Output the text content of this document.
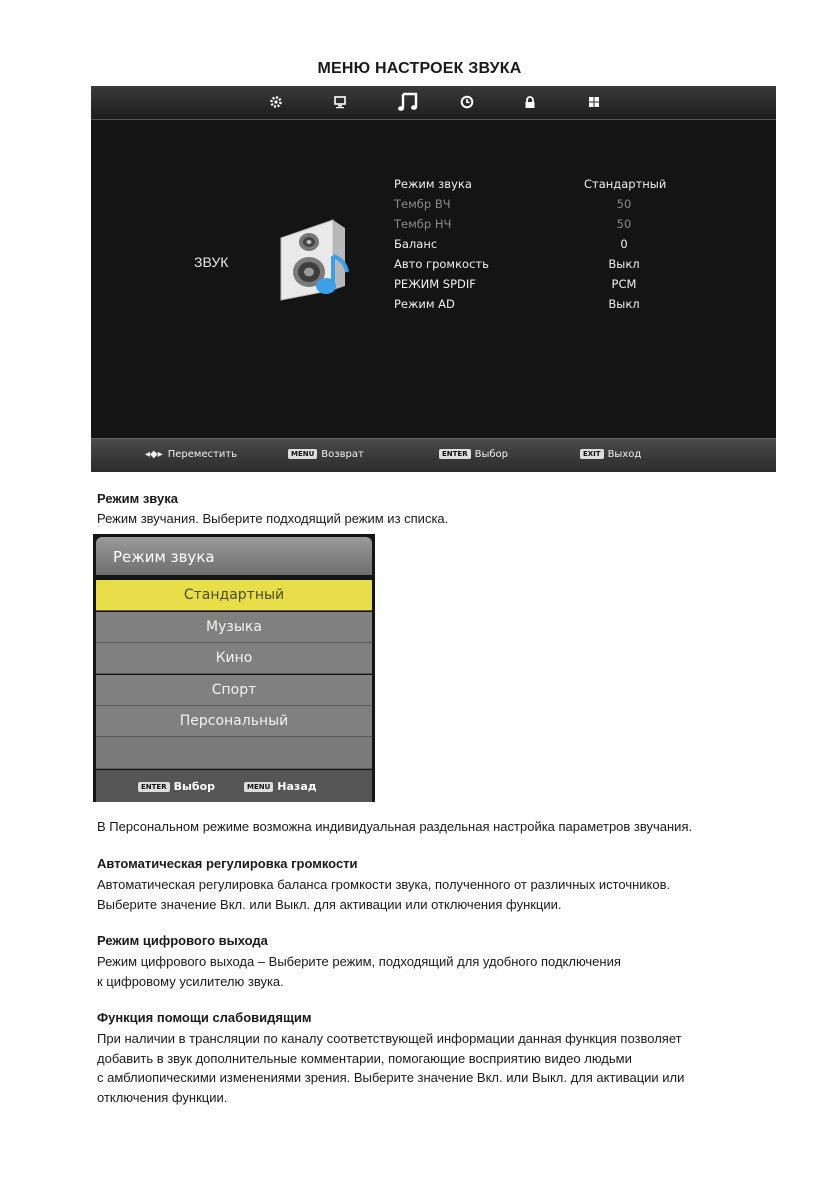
МЕНЮ НАСТРОЕК ЗВУКА
ЗВУК
Режим звука	Стандартный
Тембр ВЧ	50
Тембр НЧ	50
Баланс	0
Авто громкость	Выкл
РЕЖИМ SPDIF	PCM
Режим AD	Выкл
◂◆▸ Переместить	MENU Возврат	ENTER Выбор	EXIT Выход
Режим звука
Режим звучания. Выберите подходящий режим из списка.
Режим звука
Стандартный
Музыка
Кино
Спорт
Персональный
ENTER Выбор	MENU Назад
В Персональном режиме возможна индивидуальная раздельная настройка параметров звучания.
Автоматическая регулировка громкости
Автоматическая регулировка баланса громкости звука, полученного от различных источников.
Выберите значение Вкл. или Выкл. для активации или отключения функции.
Режим цифрового выхода
Режим цифрового выхода – Выберите режим, подходящий для удобного подключения
к цифровому усилителю звука.
Функция помощи слабовидящим
При наличии в трансляции по каналу соответствующей информации данная функция позволяет
добавить в звук дополнительные комментарии, помогающие восприятию видео людьми
с амблиопическими изменениями зрения. Выберите значение Вкл. или Выкл. для активации или
отключения функции.
